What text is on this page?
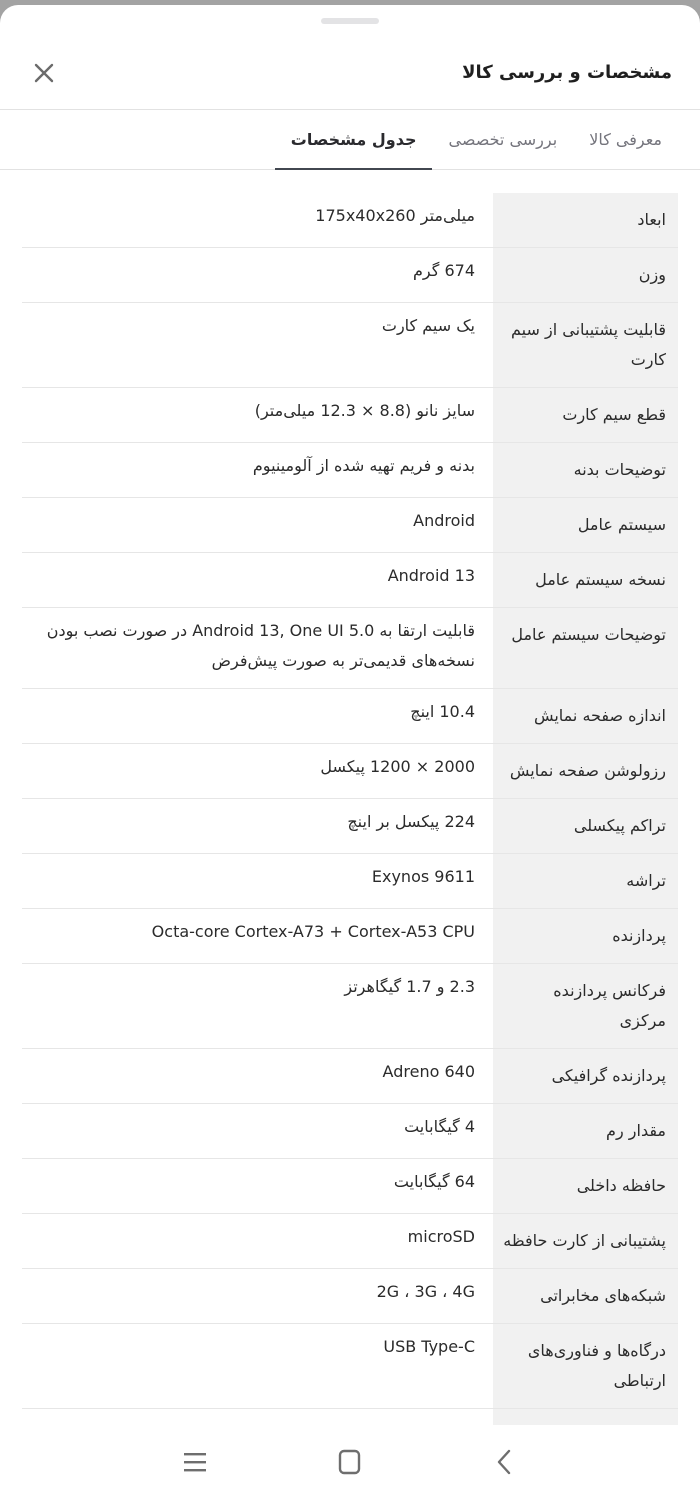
مشخصات و بررسی کالا
معرفی کالا
بررسی تخصصی
جدول مشخصات
ابعاد
میلی‌متر 175x40x260
وزن
674 گرم
قابلیت پشتیبانی از سیم کارت
یک سیم کارت
قطع سیم کارت
سایز نانو (8.8 × 12.3 میلی‌متر)
توضیحات بدنه
بدنه و فریم تهیه شده از آلومینیوم
سیستم عامل
Android
نسخه سیستم عامل
Android 13
توضیحات سیستم عامل
قابلیت ارتقا به Android 13, One UI 5.0 در صورت نصب بودن نسخه‌های قدیمی‌تر به صورت پیش‌فرض
اندازه صفحه نمایش
10.4 اینچ
رزولوشن صفحه نمایش
2000 × 1200 پیکسل
تراکم پیکسلی
224 پیکسل بر اینچ
تراشه
Exynos 9611
پردازنده
Octa-core Cortex-A73 + Cortex-A53 CPU
فرکانس پردازنده مرکزی
2.3 و 1.7 گیگاهرتز
پردازنده گرافیکی
Adreno 640
مقدار رم
4 گیگابایت
حافظه داخلی
64 گیگابایت
پشتیبانی از کارت حافظه
microSD
شبکه‌های مخابراتی
2G ، 3G ، 4G
درگاه‌ها و فناوری‌های ارتباطی
USB Type-C
